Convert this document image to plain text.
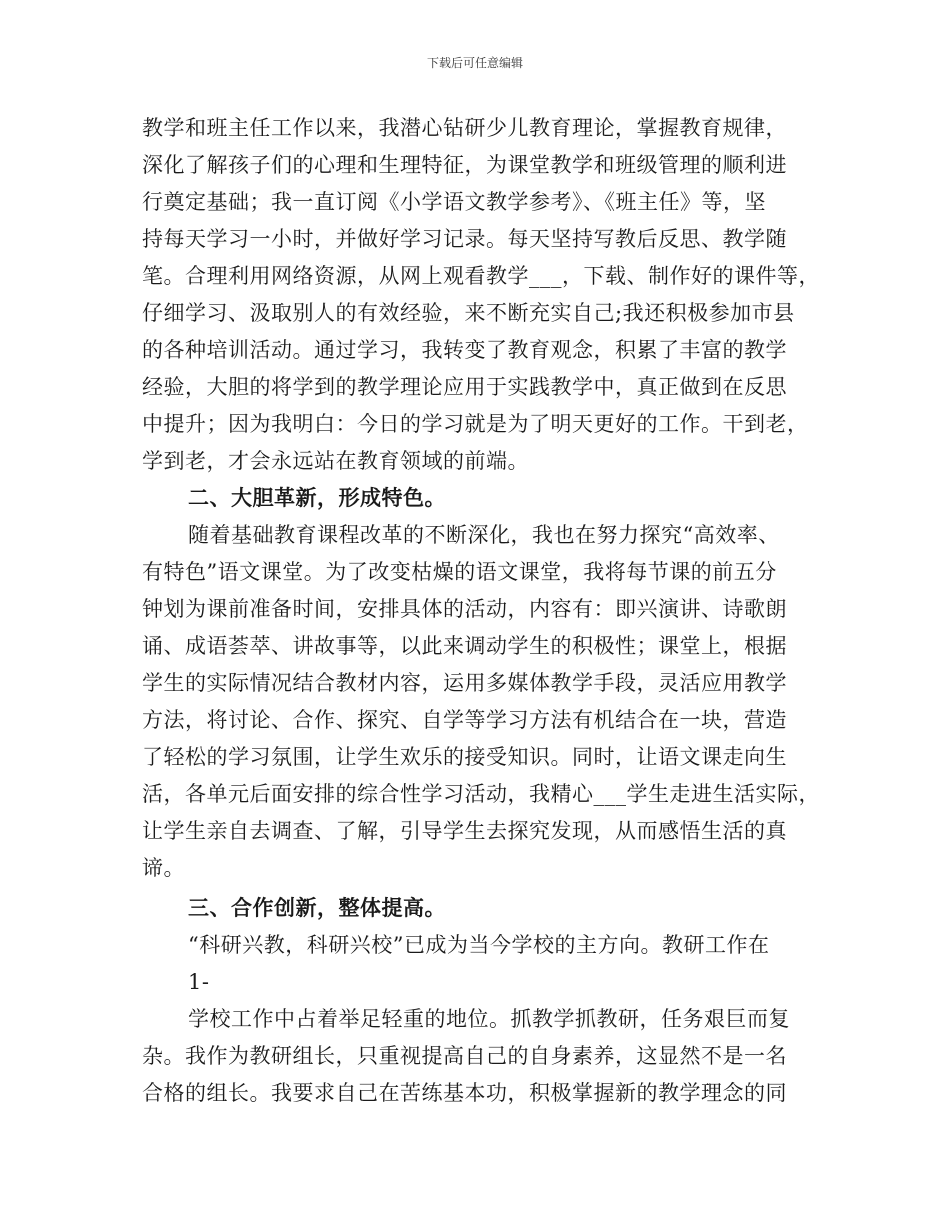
下载后可任意编辑
教学和班主任工作以来，我潜心钻研少儿教育理论，掌握教育规律，
深化了解孩子们的心理和生理特征，为课堂教学和班级管理的顺利进
行奠定基础；我一直订阅《小学语文教学参考》、《班主任》等，坚
持每天学习一小时，并做好学习记录。每天坚持写教后反思、教学随
笔。合理利用网络资源，从网上观看教学___，下载、制作好的课件等，
仔细学习、汲取别人的有效经验，来不断充实自己;我还积极参加市县
的各种培训活动。通过学习，我转变了教育观念，积累了丰富的教学
经验，大胆的将学到的教学理论应用于实践教学中，真正做到在反思
中提升；因为我明白：今日的学习就是为了明天更好的工作。干到老，
学到老，才会永远站在教育领域的前端。
二、大胆革新，形成特色。
随着基础教育课程改革的不断深化，我也在努力探究“高效率、
有特色”语文课堂。为了改变枯燥的语文课堂，我将每节课的前五分
钟划为课前准备时间，安排具体的活动，内容有：即兴演讲、诗歌朗
诵、成语荟萃、讲故事等，以此来调动学生的积极性；课堂上，根据
学生的实际情况结合教材内容，运用多媒体教学手段，灵活应用教学
方法，将讨论、合作、探究、自学等学习方法有机结合在一块，营造
了轻松的学习氛围，让学生欢乐的接受知识。同时，让语文课走向生
活，各单元后面安排的综合性学习活动，我精心___学生走进生活实际，
让学生亲自去调查、了解，引导学生去探究发现，从而感悟生活的真
谛。
三、合作创新，整体提高。
“科研兴教，科研兴校”已成为当今学校的主方向。教研工作在
1-
学校工作中占着举足轻重的地位。抓教学抓教研，任务艰巨而复
杂。我作为教研组长，只重视提高自己的自身素养，这显然不是一名
合格的组长。我要求自己在苦练基本功，积极掌握新的教学理念的同
